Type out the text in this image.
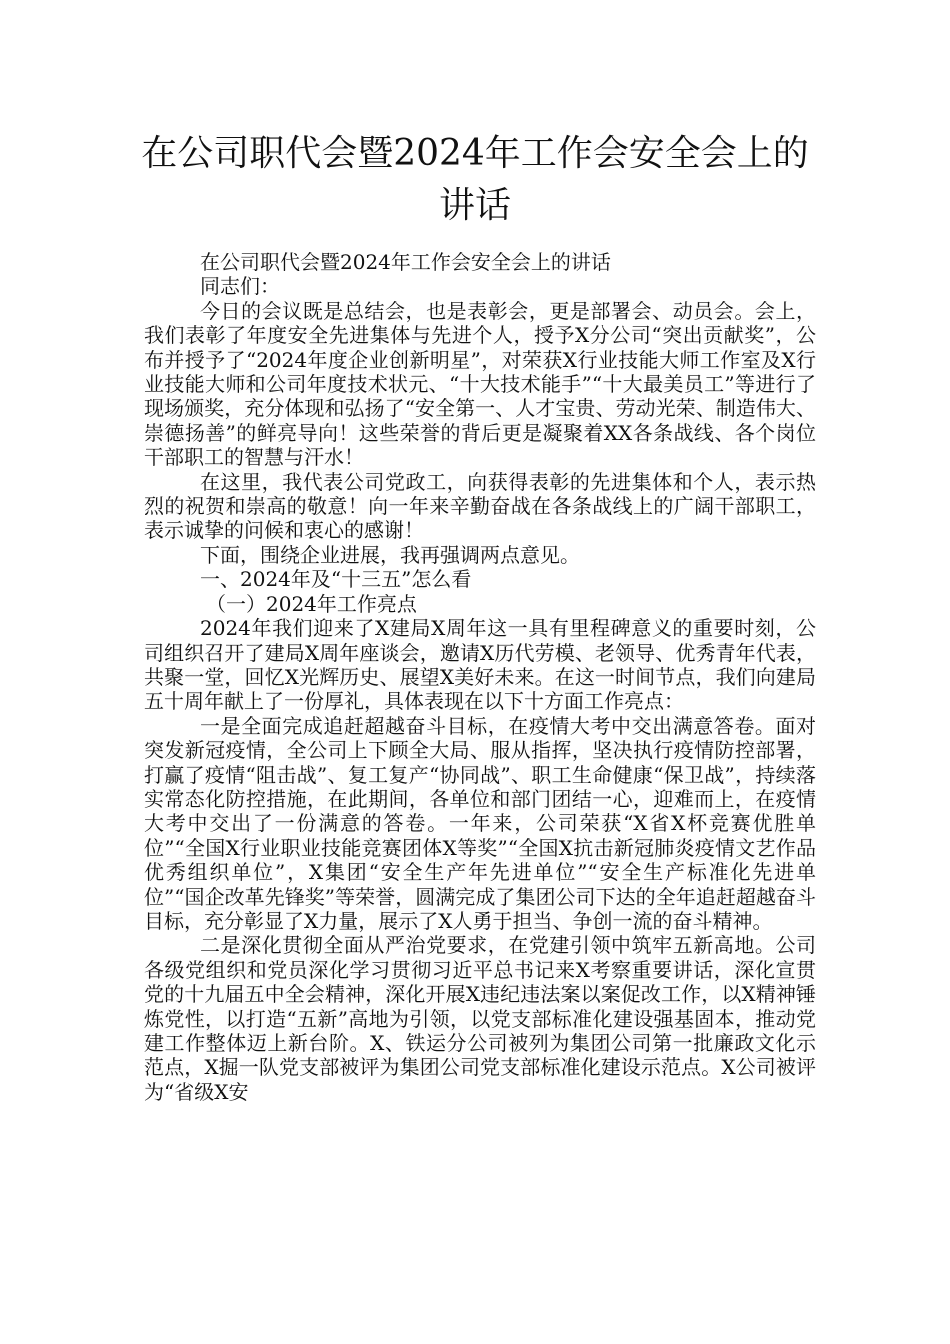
在公司职代会暨2024年工作会安全会上的
讲话

在公司职代会暨2024年工作会安全会上的讲话

同志们：

今日的会议既是总结会，也是表彰会，更是部署会、动员会。会上，我们表彰了年度安全先进集体与先进个人，授予X分公司“突出贡献奖”，公布并授予了“2024年度企业创新明星”，对荣获X行业技能大师工作室及X行业技能大师和公司年度技术状元、“十大技术能手”“十大最美员工”等进行了现场颁奖，充分体现和弘扬了“安全第一、人才宝贵、劳动光荣、制造伟大、崇德扬善”的鲜亮导向！这些荣誉的背后更是凝聚着XX各条战线、各个岗位干部职工的智慧与汗水！

在这里，我代表公司党政工，向获得表彰的先进集体和个人，表示热烈的祝贺和崇高的敬意！向一年来辛勤奋战在各条战线上的广阔干部职工，表示诚挚的问候和衷心的感谢！

下面，围绕企业进展，我再强调两点意见。

一、2024年及“十三五”怎么看

（一）2024年工作亮点

2024年我们迎来了X建局X周年这一具有里程碑意义的重要时刻，公司组织召开了建局X周年座谈会，邀请X历代劳模、老领导、优秀青年代表，共聚一堂，回忆X光辉历史、展望X美好未来。在这一时间节点，我们向建局五十周年献上了一份厚礼，具体表现在以下十方面工作亮点：

一是全面完成追赶超越奋斗目标，在疫情大考中交出满意答卷。面对突发新冠疫情，全公司上下顾全大局、服从指挥，坚决执行疫情防控部署，打赢了疫情“阻击战”、复工复产“协同战”、职工生命健康“保卫战”，持续落实常态化防控措施，在此期间，各单位和部门团结一心，迎难而上，在疫情大考中交出了一份满意的答卷。一年来，公司荣获“X省X杯竞赛优胜单位”“全国X行业职业技能竞赛团体X等奖”“全国X抗击新冠肺炎疫情文艺作品优秀组织单位”，X集团“安全生产年先进单位”“安全生产标准化先进单位”“国企改革先锋奖”等荣誉，圆满完成了集团公司下达的全年追赶超越奋斗目标，充分彰显了X力量，展示了X人勇于担当、争创一流的奋斗精神。

二是深化贯彻全面从严治党要求，在党建引领中筑牢五新高地。公司各级党组织和党员深化学习贯彻习近平总书记来X考察重要讲话，深化宣贯党的十九届五中全会精神，深化开展X违纪违法案以案促改工作，以X精神锤炼党性，以打造“五新”高地为引领，以党支部标准化建设强基固本，推动党建工作整体迈上新台阶。X、铁运分公司被列为集团公司第一批廉政文化示范点，X掘一队党支部被评为集团公司党支部标准化建设示范点。X公司被评为“省级X安
